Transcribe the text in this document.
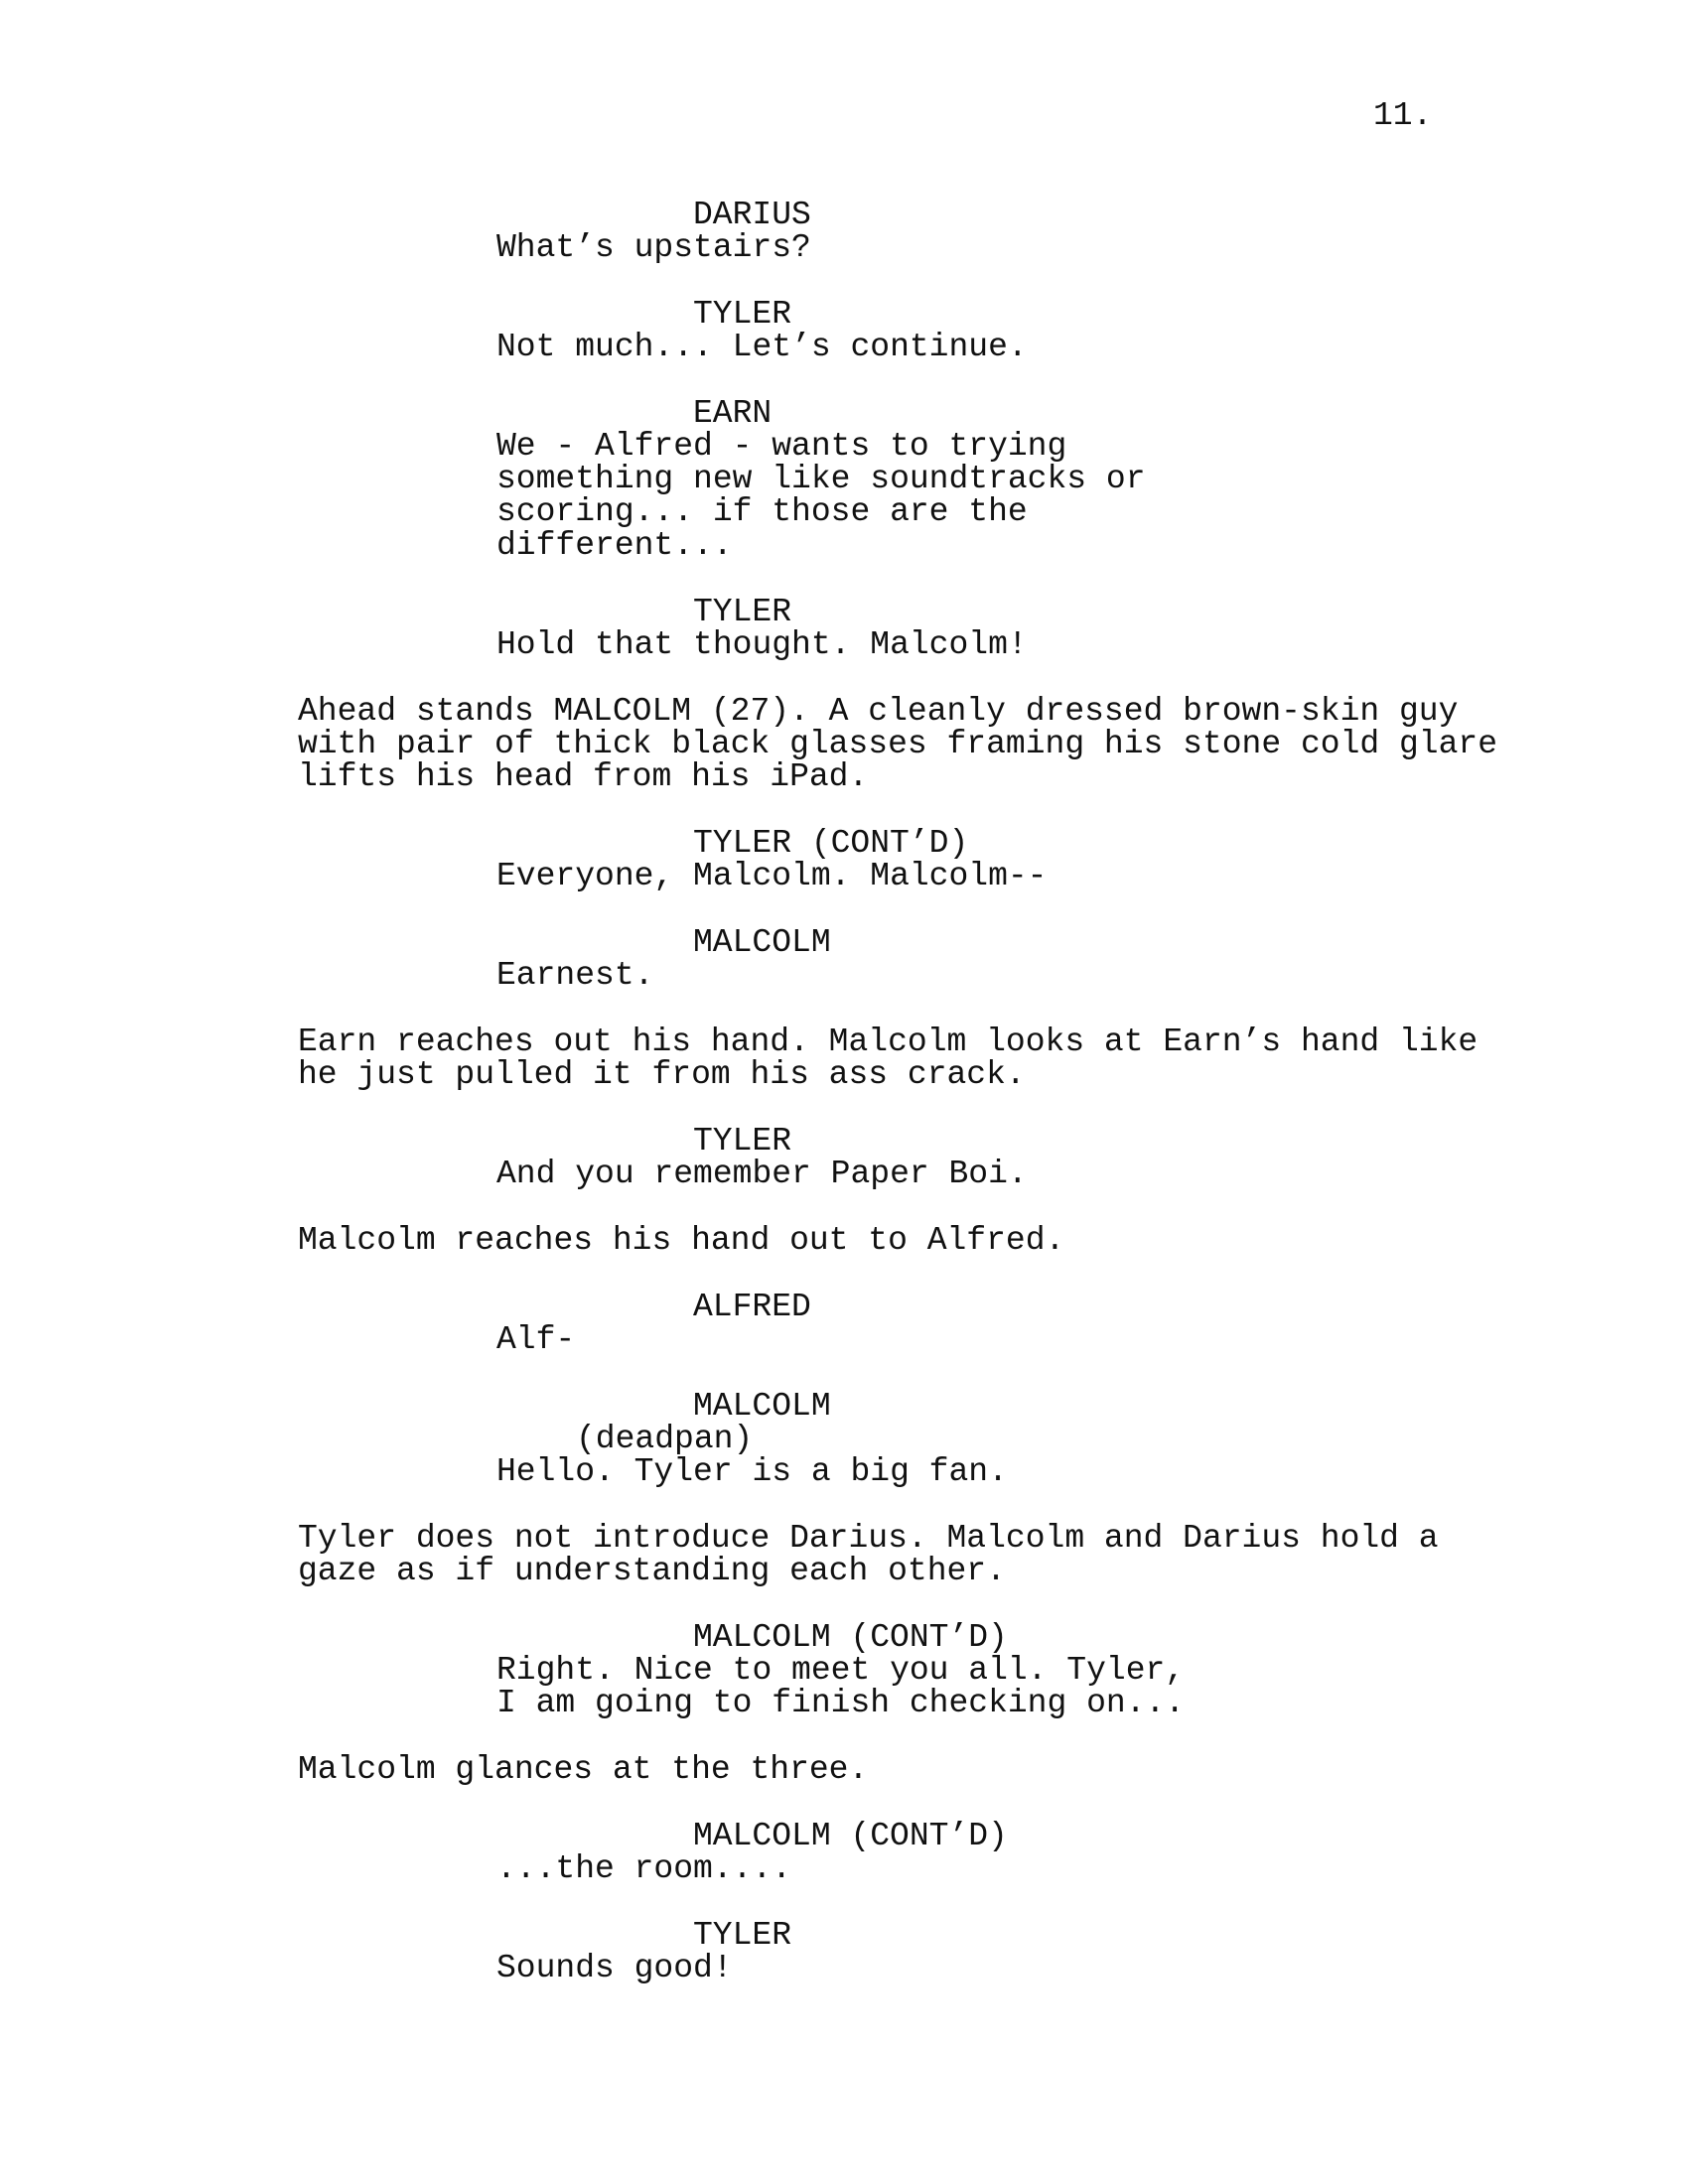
11.
DARIUS
What’s upstairs?
TYLER
Not much... Let’s continue.
EARN
We - Alfred - wants to trying
something new like soundtracks or
scoring... if those are the
different...
TYLER
Hold that thought. Malcolm!
Ahead stands MALCOLM (27). A cleanly dressed brown-skin guy
with pair of thick black glasses framing his stone cold glare
lifts his head from his iPad.
TYLER (CONT’D)
Everyone, Malcolm. Malcolm--
MALCOLM
Earnest.
Earn reaches out his hand. Malcolm looks at Earn’s hand like
he just pulled it from his ass crack.
TYLER
And you remember Paper Boi.
Malcolm reaches his hand out to Alfred.
ALFRED
Alf-
MALCOLM
(deadpan)
Hello. Tyler is a big fan.
Tyler does not introduce Darius. Malcolm and Darius hold a
gaze as if understanding each other.
MALCOLM (CONT’D)
Right. Nice to meet you all. Tyler,
I am going to finish checking on...
Malcolm glances at the three.
MALCOLM (CONT’D)
...the room....
TYLER
Sounds good!
